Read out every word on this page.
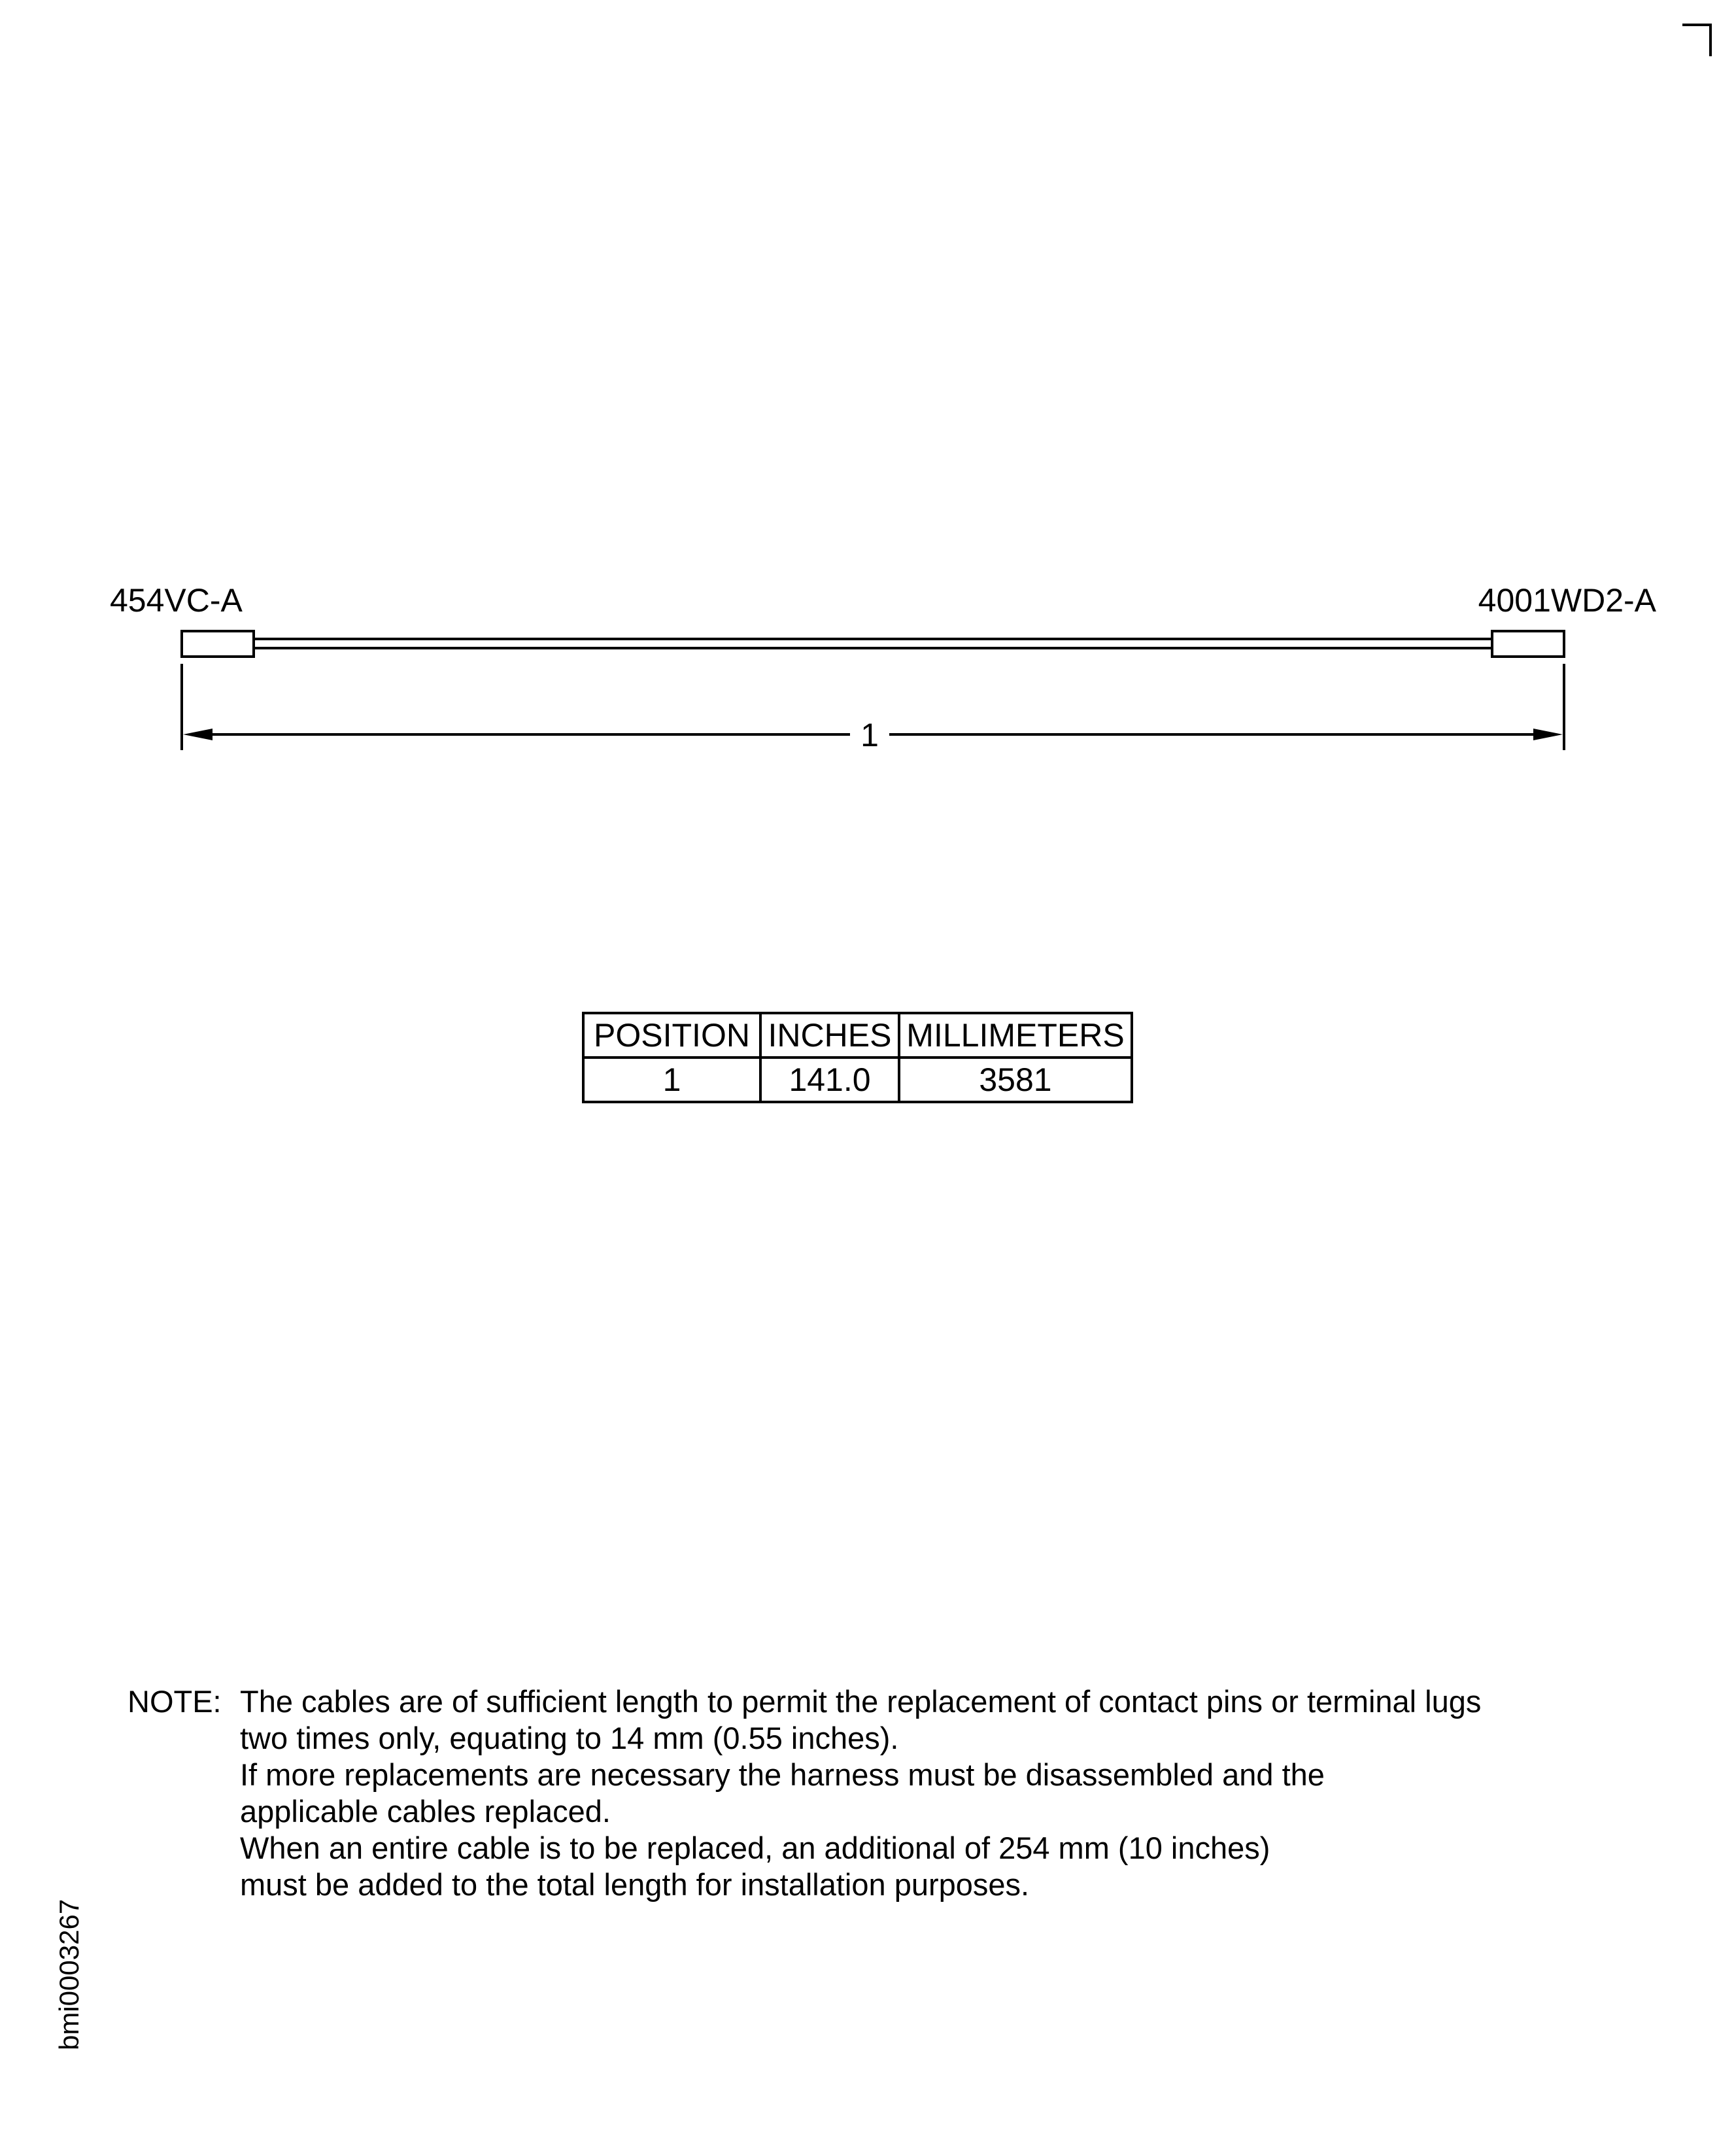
454VC-A	4001WD2-A
1
POSITION	INCHES	MILLIMETERS
1	141.0	3581
NOTE: The cables are of sufficient length to permit the replacement of contact pins or terminal lugs
two times only, equating to 14 mm (0.55 inches).
If more replacements are necessary the harness must be disassembled and the
applicable cables replaced.
When an entire cable is to be replaced, an additional of 254 mm (10 inches)
must be added to the total length for installation purposes.
bmi0003267
